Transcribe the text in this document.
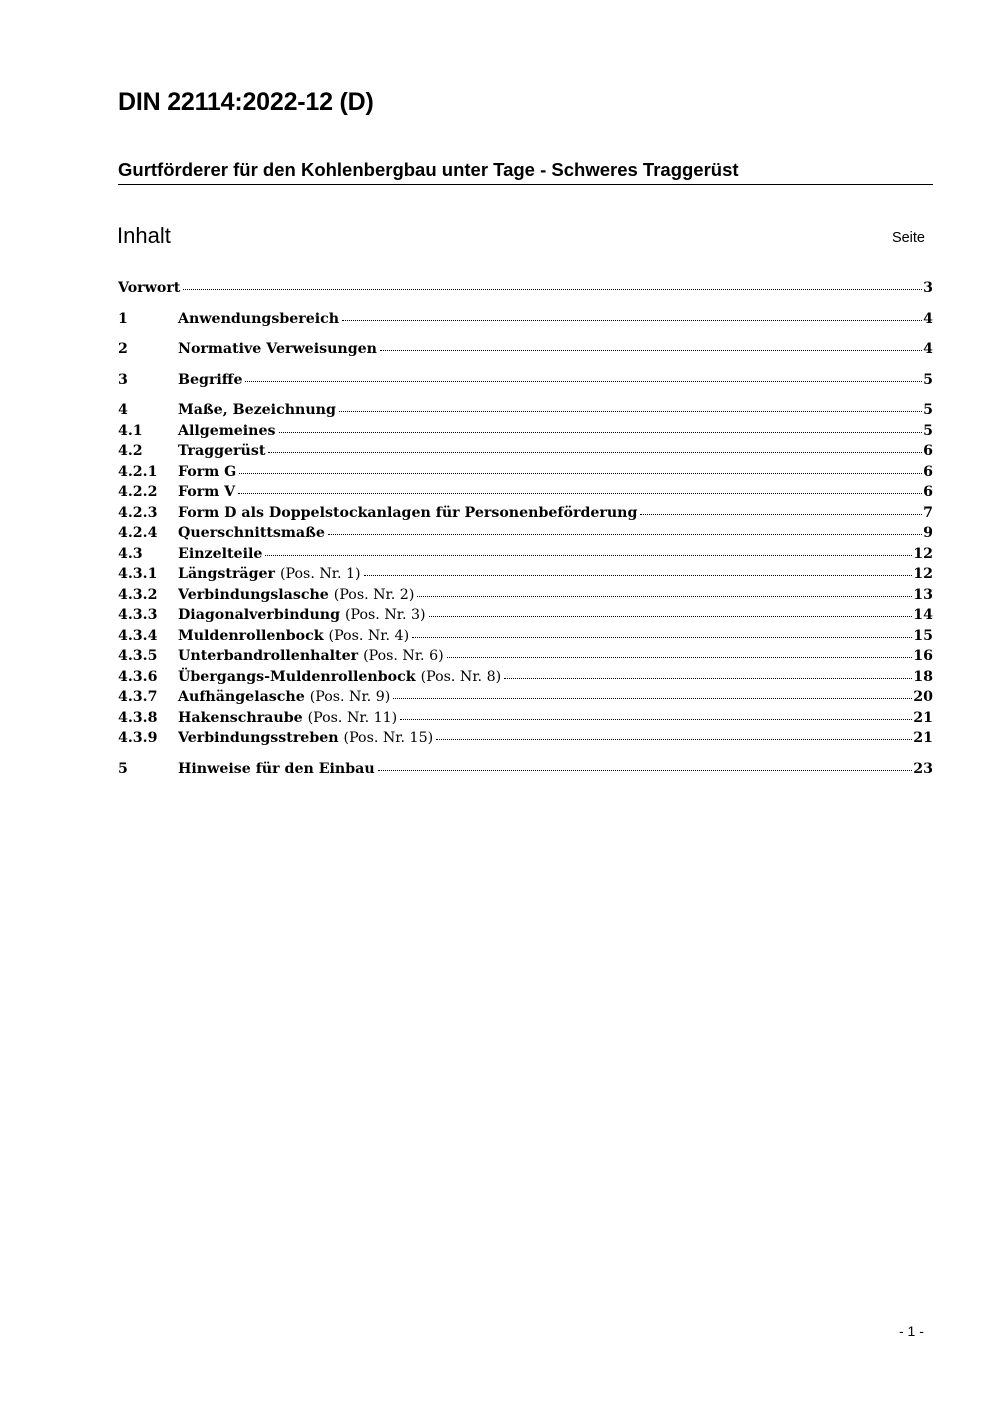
DIN 22114:2022-12 (D)
Gurtförderer für den Kohlenbergbau unter Tage - Schweres Traggerüst
Inhalt	Seite
Vorwort	3
1	Anwendungsbereich	4
2	Normative Verweisungen	4
3	Begriffe	5
4	Maße, Bezeichnung	5
4.1	Allgemeines	5
4.2	Traggerüst	6
4.2.1	Form G	6
4.2.2	Form V	6
4.2.3	Form D als Doppelstockanlagen für Personenbeförderung	7
4.2.4	Querschnittsmaße	9
4.3	Einzelteile	12
4.3.1	Längsträger (Pos. Nr. 1)	12
4.3.2	Verbindungslasche (Pos. Nr. 2)	13
4.3.3	Diagonalverbindung (Pos. Nr. 3)	14
4.3.4	Muldenrollenbock (Pos. Nr. 4)	15
4.3.5	Unterbandrollenhalter (Pos. Nr. 6)	16
4.3.6	Übergangs-Muldenrollenbock (Pos. Nr. 8)	18
4.3.7	Aufhängelasche (Pos. Nr. 9)	20
4.3.8	Hakenschraube (Pos. Nr. 11)	21
4.3.9	Verbindungsstreben (Pos. Nr. 15)	21
5	Hinweise für den Einbau	23
- 1 -
